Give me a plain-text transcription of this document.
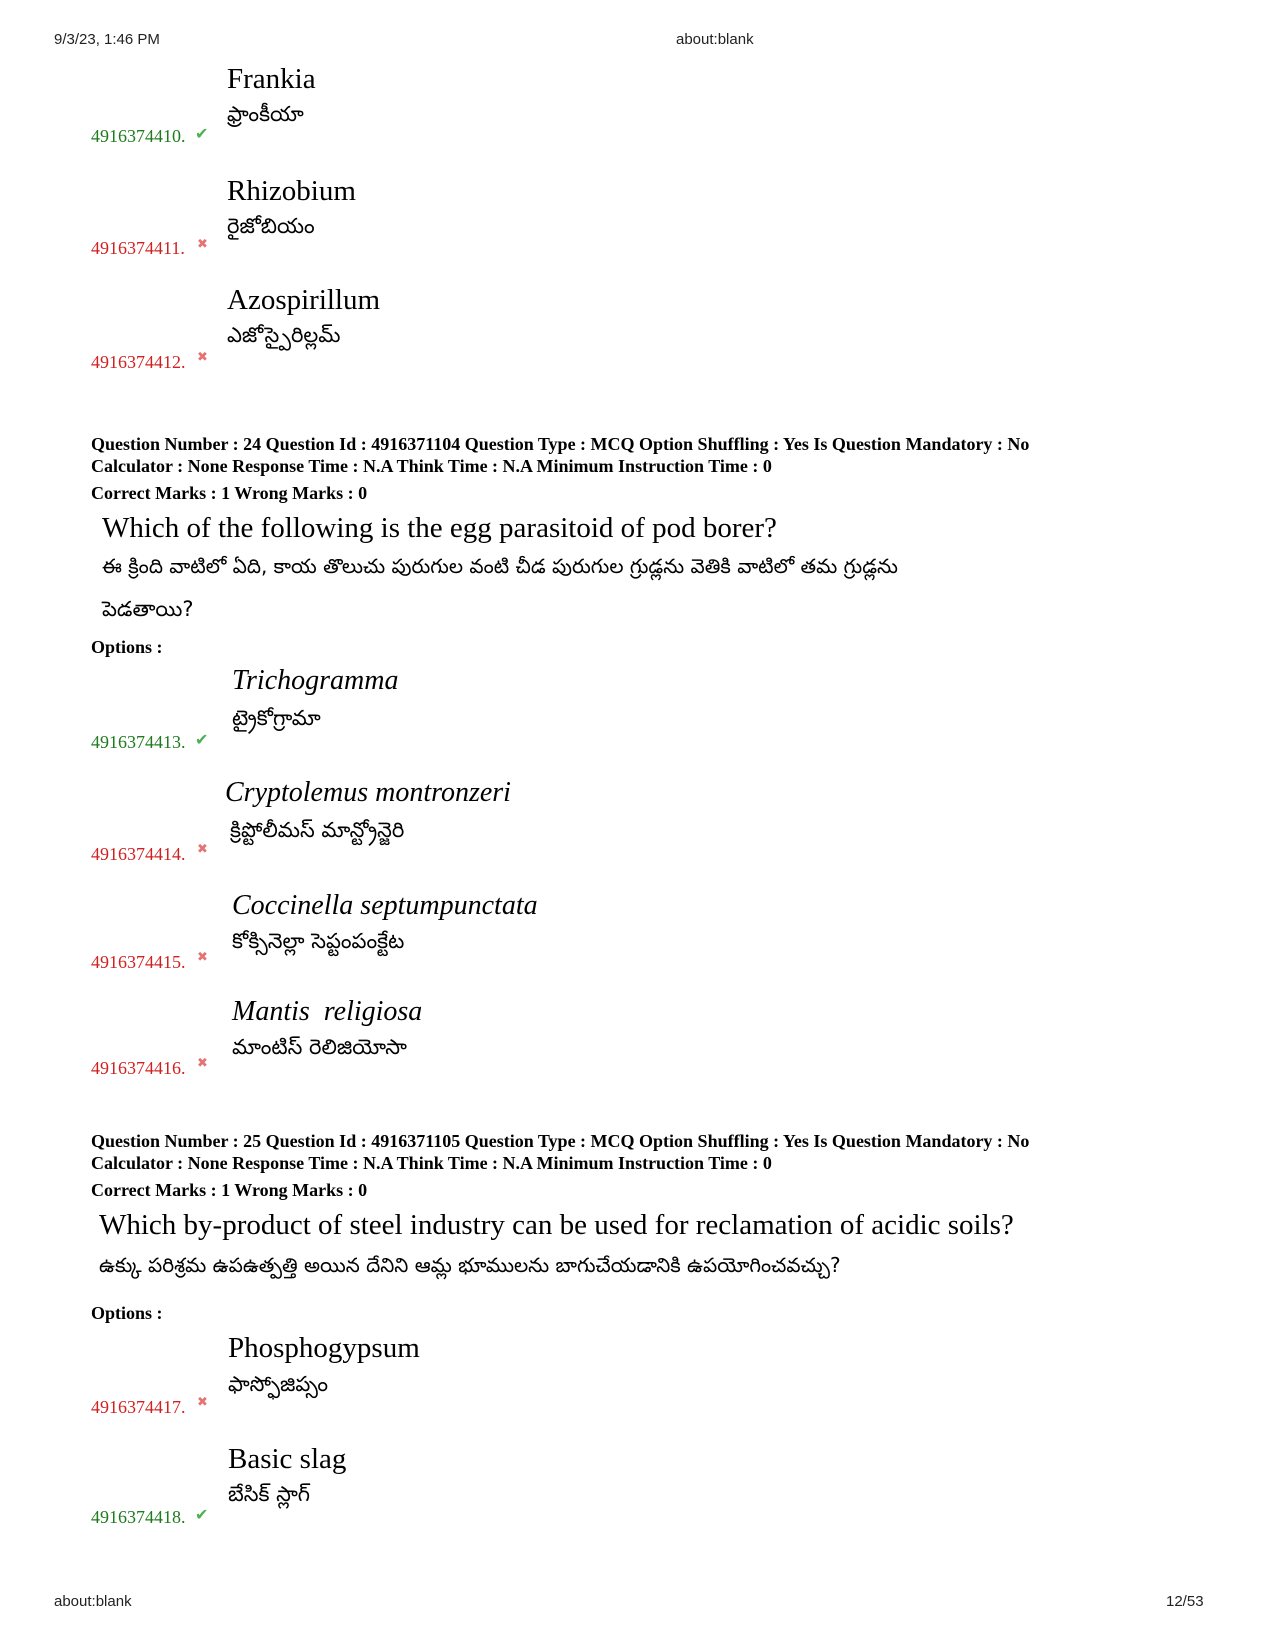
9/3/23, 1:46 PM	about:blank
about:blank	12/53
Frankia
ఫ్రాంకీయా
4916374410. ✔
Rhizobium
రైజోబియం
4916374411. ✖
Azospirillum
ఎజోస్పైరిల్లమ్
4916374412. ✖
Question Number : 24 Question Id : 4916371104 Question Type : MCQ Option Shuffling : Yes Is Question Mandatory : No
Calculator : None Response Time : N.A Think Time : N.A Minimum Instruction Time : 0
Correct Marks : 1 Wrong Marks : 0
Which of the following is the egg parasitoid of pod borer?
ఈ క్రింది వాటిలో ఏది, కాయ తొలుచు పురుగుల వంటి చీడ పురుగుల గ్రుడ్లను వెతికి వాటిలో తమ గ్రుడ్లను
పెడతాయి?
Options :
Trichogramma
ట్రైకోగ్రామా
4916374413. ✔
Cryptolemus montronzeri
క్రిప్టోలీమస్ మాన్ట్రోన్జెరి
4916374414. ✖
Coccinella septumpunctata
కోక్సినెల్లా సెప్టంపంక్టేట
4916374415. ✖
Mantis  religiosa
మాంటిస్ రెలిజియోసా
4916374416. ✖
Question Number : 25 Question Id : 4916371105 Question Type : MCQ Option Shuffling : Yes Is Question Mandatory : No
Calculator : None Response Time : N.A Think Time : N.A Minimum Instruction Time : 0
Correct Marks : 1 Wrong Marks : 0
Which by-product of steel industry can be used for reclamation of acidic soils?
ఉక్కు పరిశ్రమ ఉపఉత్పత్తి అయిన దేనిని ఆమ్ల భూములను బాగుచేయడానికి ఉపయోగించవచ్చు?
Options :
Phosphogypsum
ఫాస్ఫోజిప్సం
4916374417. ✖
Basic slag
బేసిక్ స్లాగ్
4916374418. ✔
